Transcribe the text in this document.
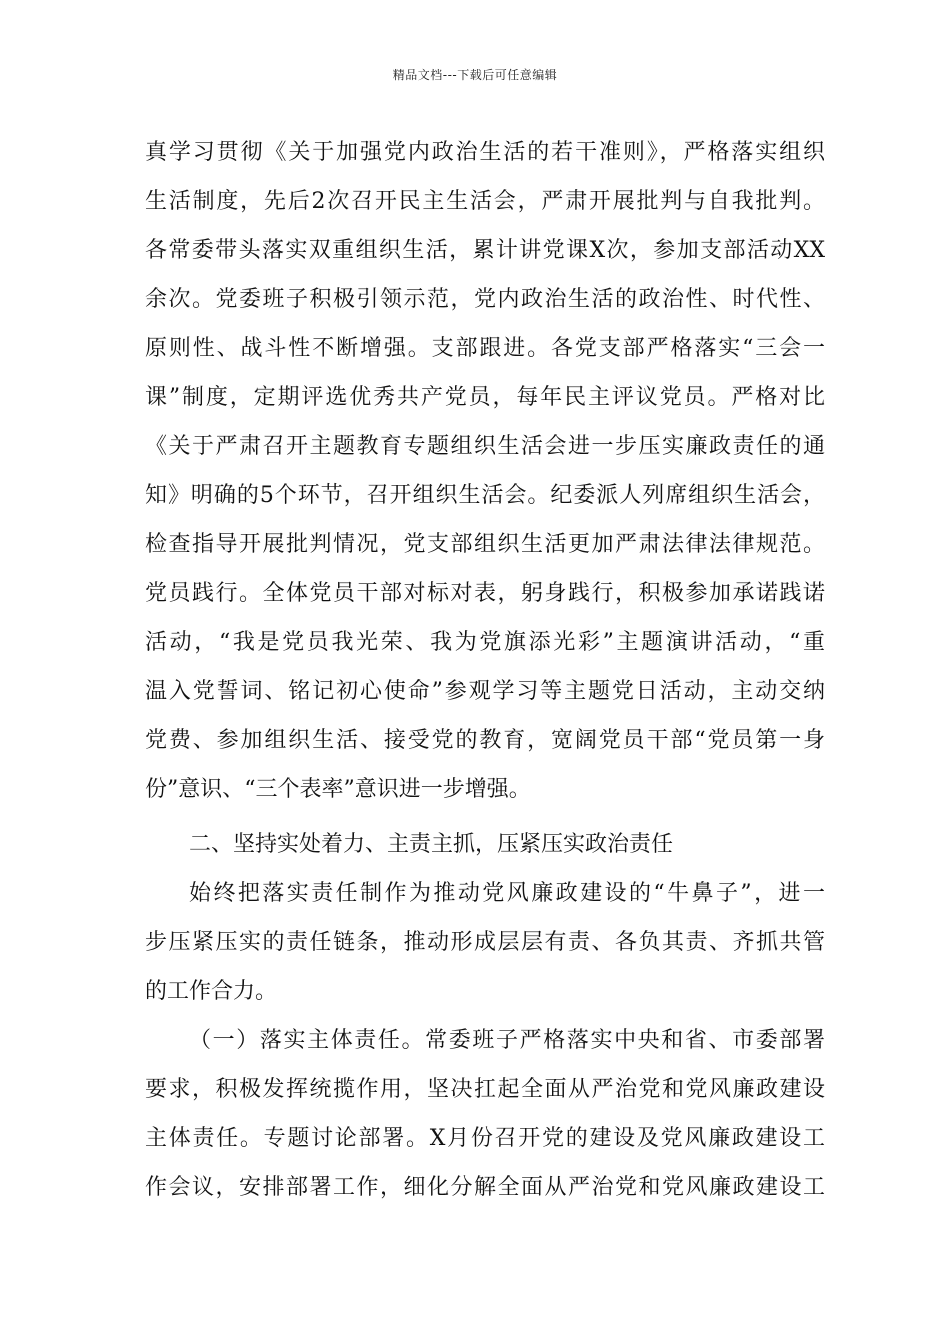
精品文档---下载后可任意编辑
真学习贯彻《关于加强党内政治生活的若干准则》，严格落实组织
生活制度，先后2次召开民主生活会，严肃开展批判与自我批判。
各常委带头落实双重组织生活，累计讲党课X次，参加支部活动XX
余次。党委班子积极引领示范，党内政治生活的政治性、时代性、
原则性、战斗性不断增强。支部跟进。各党支部严格落实“三会一
课”制度，定期评选优秀共产党员，每年民主评议党员。严格对比
《关于严肃召开主题教育专题组织生活会进一步压实廉政责任的通
知》明确的5个环节，召开组织生活会。纪委派人列席组织生活会，
检查指导开展批判情况，党支部组织生活更加严肃法律法律规范。
党员践行。全体党员干部对标对表，躬身践行，积极参加承诺践诺
活动，“我是党员我光荣、我为党旗添光彩”主题演讲活动，“重
温入党誓词、铭记初心使命”参观学习等主题党日活动，主动交纳
党费、参加组织生活、接受党的教育，宽阔党员干部“党员第一身
份”意识、“三个表率”意识进一步增强。
二、坚持实处着力、主责主抓，压紧压实政治责任
始终把落实责任制作为推动党风廉政建设的“牛鼻子”，进一
步压紧压实的责任链条，推动形成层层有责、各负其责、齐抓共管
的工作合力。
（一）落实主体责任。常委班子严格落实中央和省、市委部署
要求，积极发挥统揽作用，坚决扛起全面从严治党和党风廉政建设
主体责任。专题讨论部署。X月份召开党的建设及党风廉政建设工
作会议，安排部署工作，细化分解全面从严治党和党风廉政建设工
